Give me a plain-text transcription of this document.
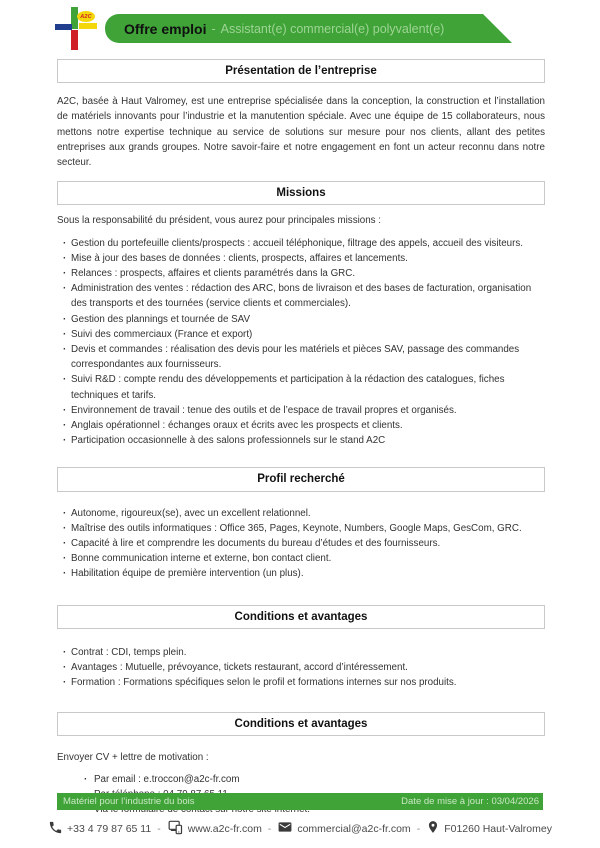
A2C
Offre emploi - Assistant(e) commercial(e) polyvalent(e)
Présentation de l’entreprise

A2C, basée à Haut Valromey, est une entreprise spécialisée dans la conception, la construction et l’installation de matériels innovants pour l’industrie et la manutention spéciale. Avec une équipe de 15 collaborateurs, nous mettons notre expertise technique au service de solutions sur mesure pour nos clients, allant des petites entreprises aux grands groupes. Notre savoir-faire et notre engagement en font un acteur reconnu dans notre secteur.

Missions

Sous la responsabilité du président, vous aurez pour principales missions :

· Gestion du portefeuille clients/prospects : accueil téléphonique, filtrage des appels, accueil des visiteurs.
· Mise à jour des bases de données : clients, prospects, affaires et lancements.
· Relances : prospects, affaires et clients paramétrés dans la GRC.
· Administration des ventes : rédaction des ARC, bons de livraison et des bases de facturation, organisation des transports et des tournées (service clients et commerciales).
· Gestion des plannings et tournée de SAV
· Suivi des commerciaux (France et export)
· Devis et commandes : réalisation des devis pour les matériels et pièces SAV, passage des commandes correspondantes aux fournisseurs.
· Suivi R&D : compte rendu des développements et participation à la rédaction des catalogues, fiches techniques et tarifs.
· Environnement de travail : tenue des outils et de l’espace de travail propres et organisés.
· Anglais opérationnel : échanges oraux et écrits avec les prospects et clients.
· Participation occasionnelle à des salons professionnels sur le stand A2C
Profil recherché
· Autonome, rigoureux(se), avec un excellent relationnel.
· Maîtrise des outils informatiques : Office 365, Pages, Keynote, Numbers, Google Maps, GesCom, GRC.
· Capacité à lire et comprendre les documents du bureau d’études et des fournisseurs.
· Bonne communication interne et externe, bon contact client.
· Habilitation équipe de première intervention (un plus).
Conditions et avantages
· Contrat : CDI, temps plein.
· Avantages : Mutuelle, prévoyance, tickets restaurant, accord d’intéressement.
· Formation : Formations spécifiques selon le profil et formations internes sur nos produits.
Conditions et avantages

Envoyer CV + lettre de motivation :

· Par email : e.troccon@a2c-fr.com
·
·
Matériel pour l’industrie du bois	Date de mise à jour : 03/04/2026
+33 4 79 87 65 11 -	www.a2c-fr.com - commercial@a2c-fr.com - F01260 Haut-Valromey
